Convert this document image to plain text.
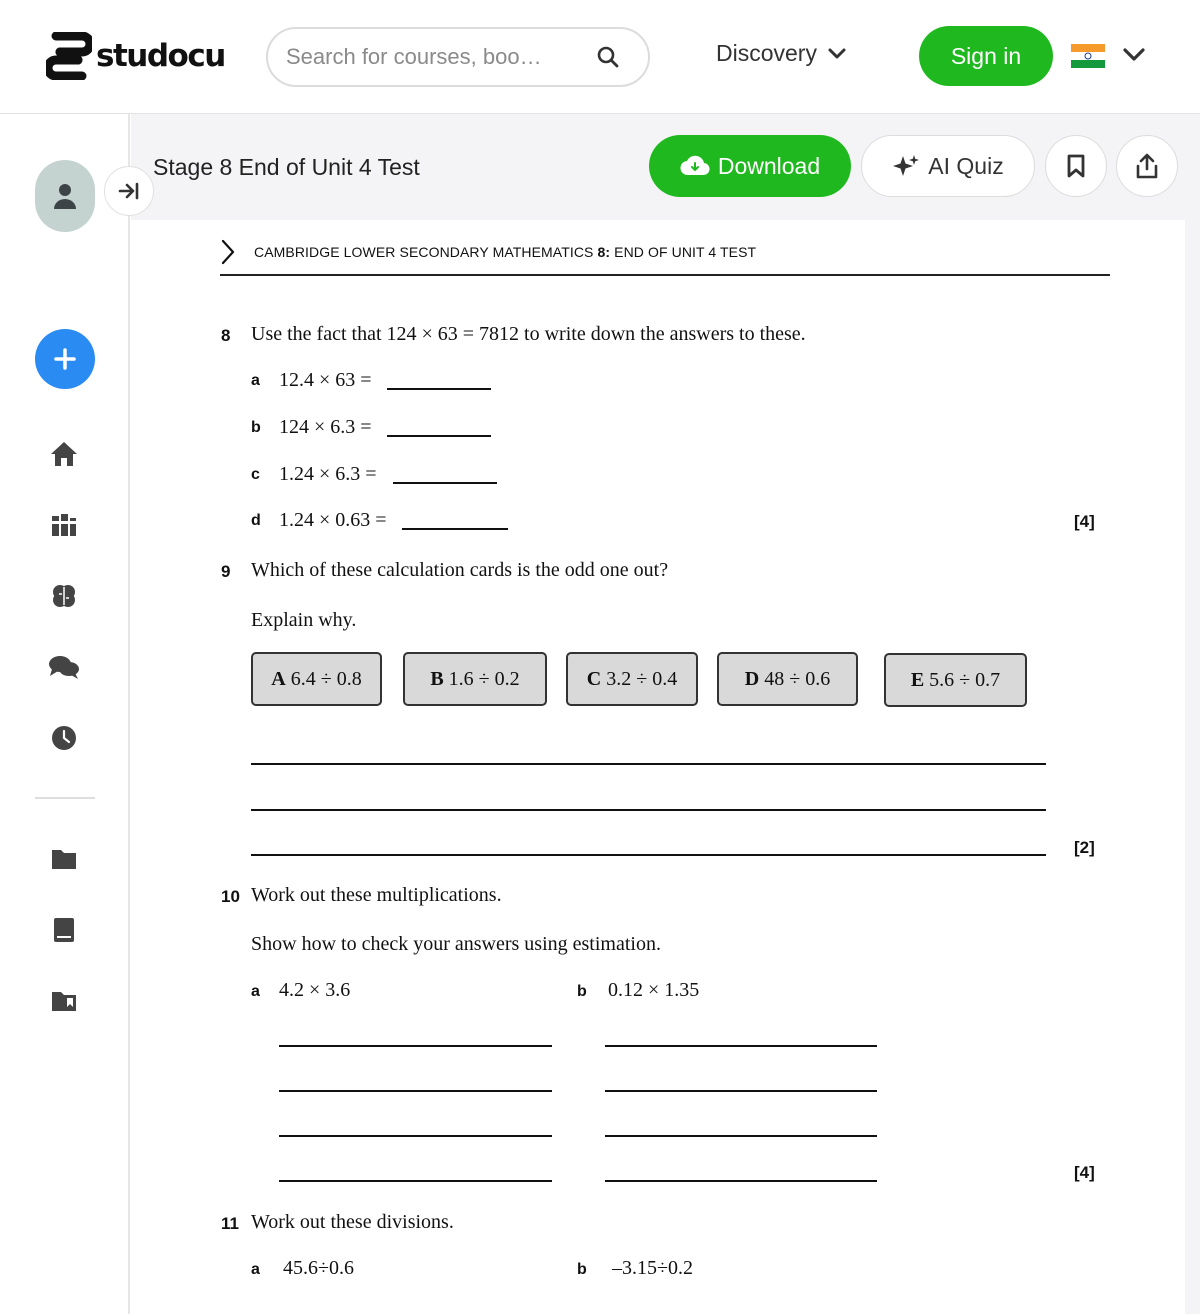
studocu
Search for courses, boo…	Discovery	Sign in
Stage 8 End of Unit 4 Test	Download	AI Quiz
CAMBRIDGE LOWER SECONDARY MATHEMATICS 8: END OF UNIT 4 TEST
8 Use the fact that 124 × 63 = 7812 to write down the answers to these.
a 12.4 × 63 =
b 124 × 6.3 =
c 1.24 × 6.3 =
d 1.24 × 0.63 =	[4]
9 Which of these calculation cards is the odd one out?
Explain why.
A
6.4 ÷ 0.8	B
1.6 ÷ 0.2	C
3.2 ÷ 0.4	D
48 ÷ 0.6	E
5.6 ÷ 0.7
[2]
10 Work out these multiplications.
Show how to check your answers using estimation.
a 4.2 × 3.6	b 0.12 × 1.35
[4]
11 Work out these divisions.
a 45.6÷0.6	b –3.15÷0.2
